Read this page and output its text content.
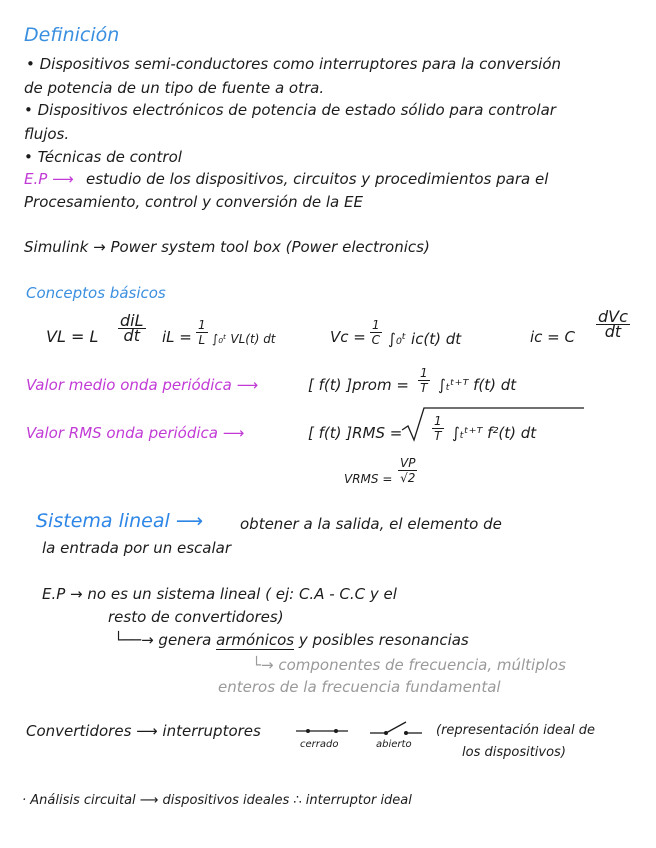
Definición
• Dispositivos semi-conductores como interruptores para la conversión
de potencia de un tipo de fuente a otra.
• Dispositivos electrónicos de potencia de estado sólido para controlar
flujos.
• Técnicas de control
E.P ⟶ estudio de los dispositivos, circuitos y procedimientos para el
Procesamiento, control y conversión de la EE
Simulink → Power system tool box (Power electronics)
Conceptos básicos
VL = L
diL
dt iL = $\frac{1}{L}$ ∫₀ᵗ VL(t) dt	$Vc = \frac{1}{C}$ ∫₀ᵗ ic(t) dt	ic = C
dVc
dt
Valor medio onda periódica ⟶	[ f(t) ]prom = $\frac{1}{T}$ ∫ₜᵗ⁺ᵀ f(t) dt
Valor RMS onda periódica ⟶	[ f(t) ]$RMS = \frac{1}{T}$ ∫ₜᵗ⁺ᵀ f²(t) dt
VRMS = $\frac{VP}{√2}$
Sistema lineal ⟶ obtener a la salida, el elemento de
la entrada por un escalar
E.P → no es un sistema lineal ( ej: C.A - C.C y el
resto de convertidores)
└──→ genera armónicos y posibles resonancias
└→ componentes de frecuencia, múltiplos
enteros de la frecuencia fundamental
Convertidores ⟶ interruptores
cerrado	abierto
(representación ideal de
los dispositivos)
· Análisis circuital ⟶ dispositivos ideales ∴ interruptor ideal
